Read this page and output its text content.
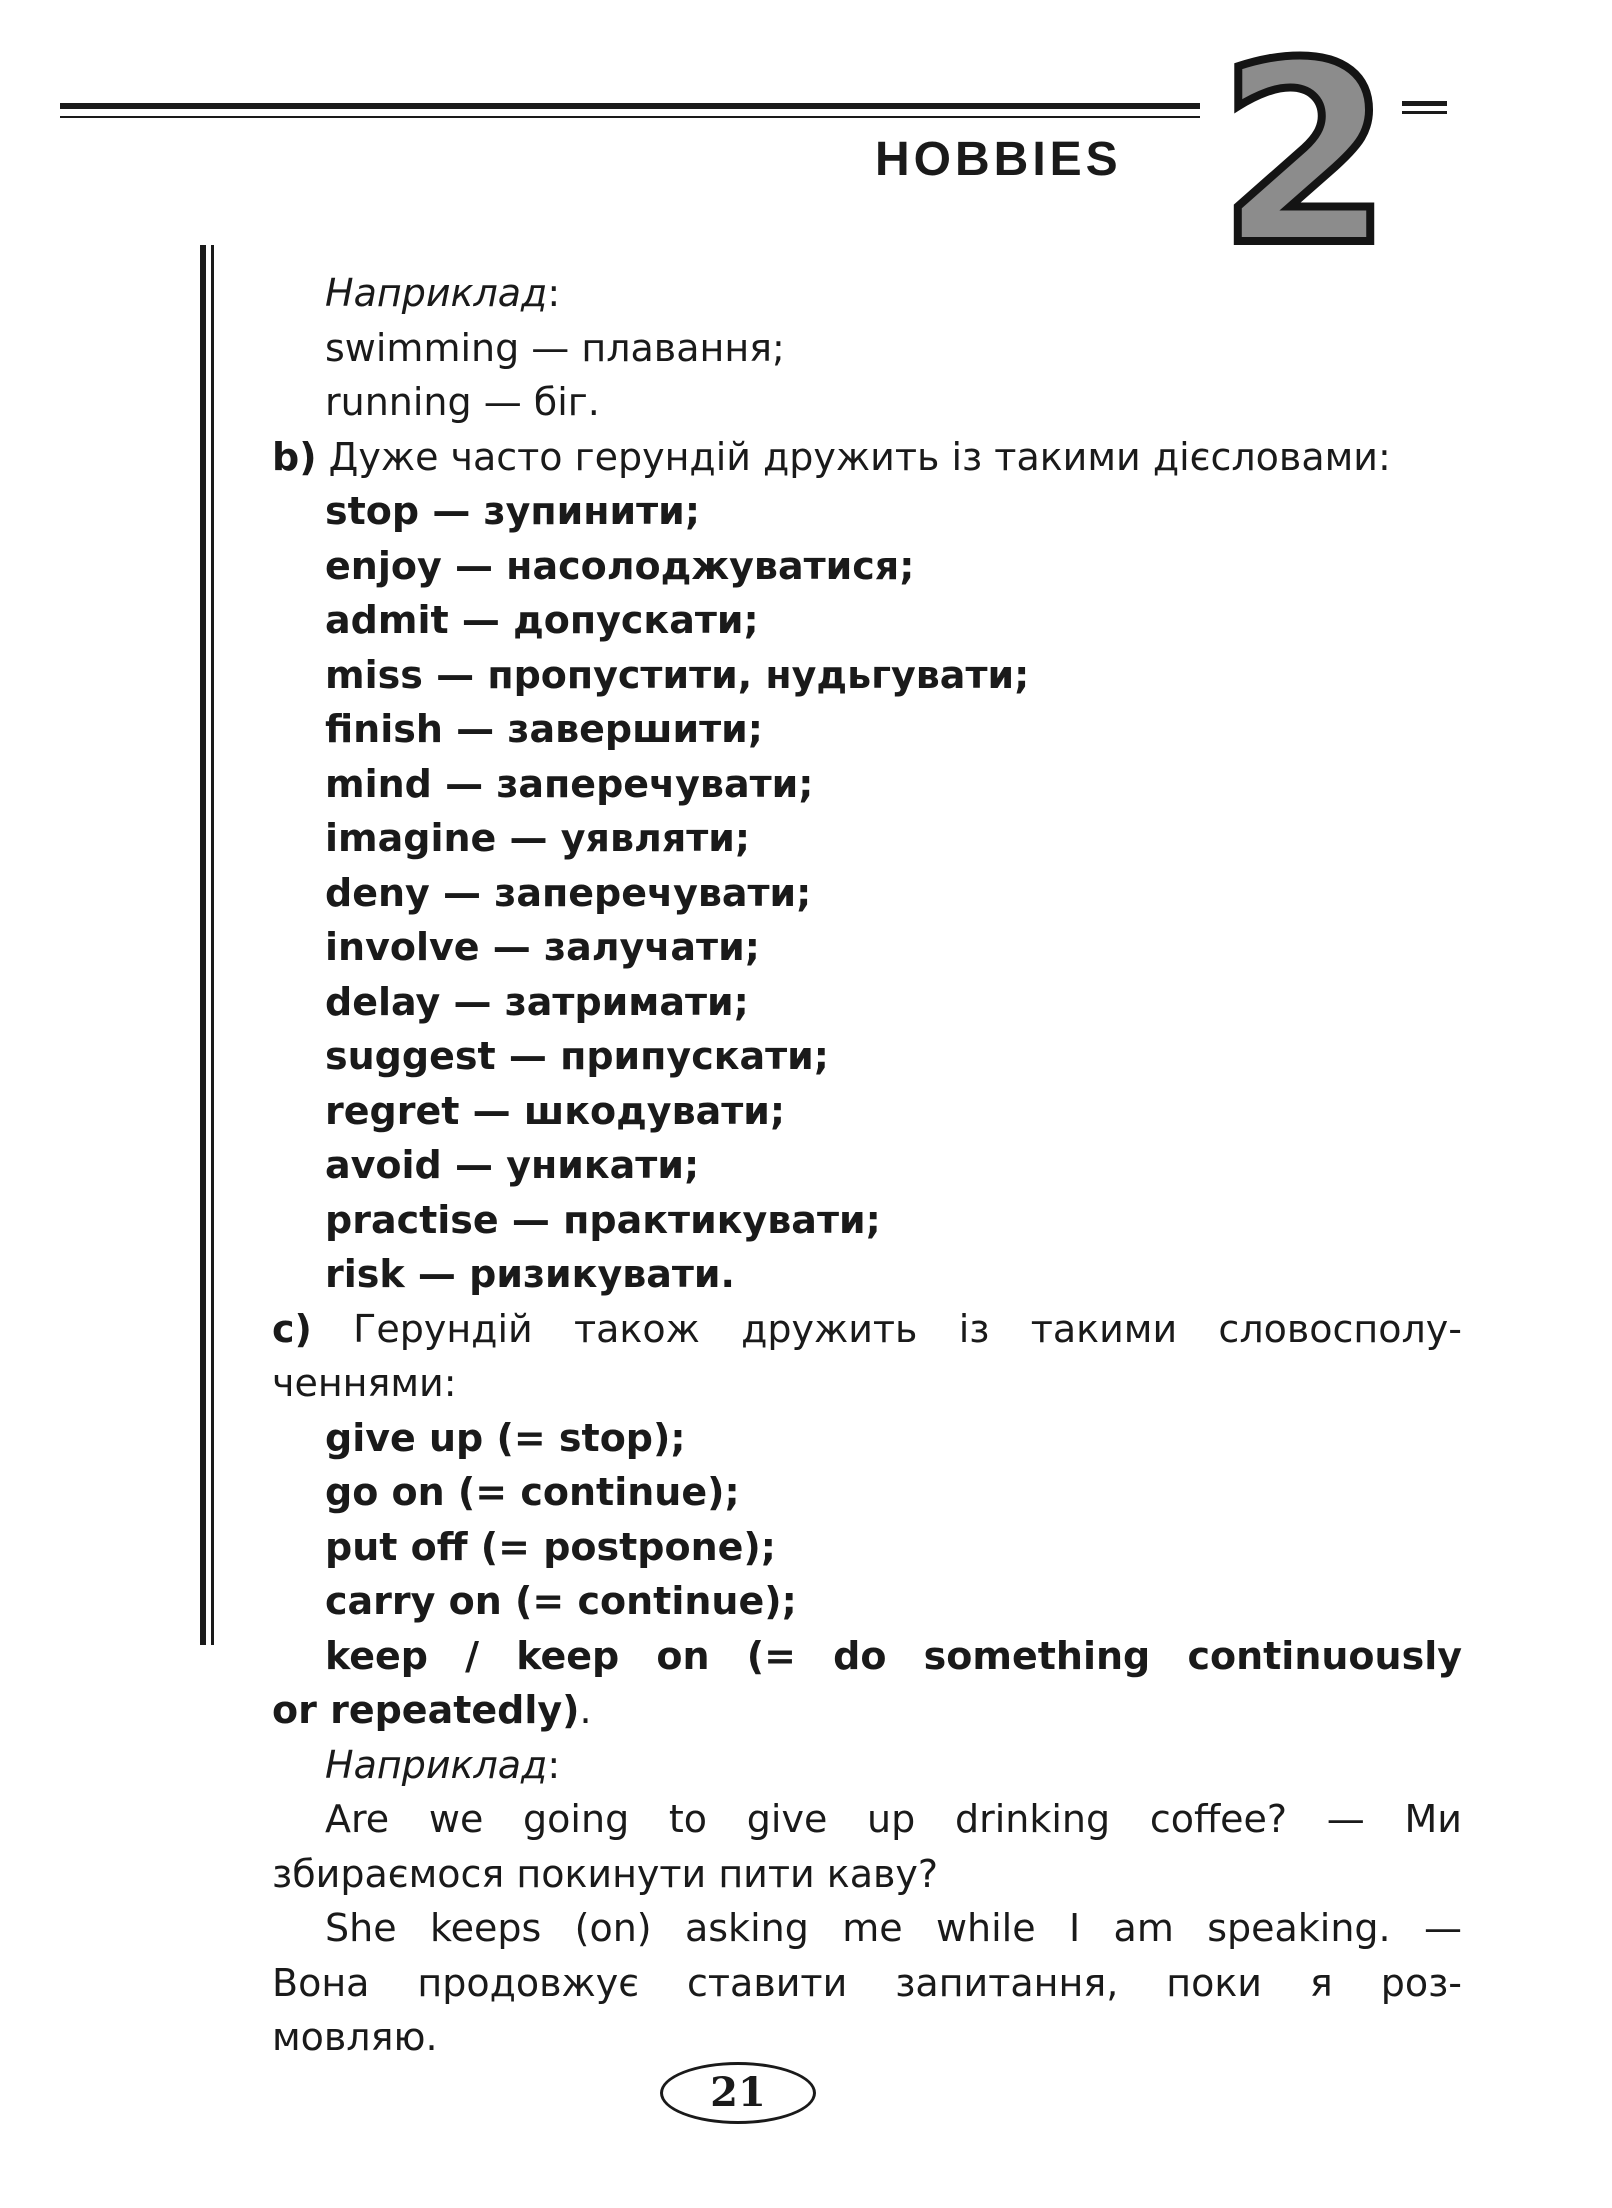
HOBBIES 2
Наприклад:
swimming — плавання;
running — біг.
b) Дуже часто герундій дружить із такими дієсловами:
stop — зупинити;
enjoy — насолоджуватися;
admit — допускати;
miss — пропустити, нудьгувати;
finish — завершити;
mind — заперечувати;
imagine — уявляти;
deny — заперечувати;
involve — залучати;
delay — затримати;
suggest — припускати;
regret — шкодувати;
avoid — уникати;
practise — практикувати;
risk — ризикувати.
c) Герундій також дружить із такими словосполу-
ченнями:
give up (= stop);
go on (= continue);
put off (= postpone);
carry on (= continue);
keep / keep on (= do something continuously
or repeatedly).
Наприклад:
Are we going to give up drinking coffee? — Ми
збираємося покинути пити каву?
She keeps (on) asking me while I am speaking. —
Вона продовжує ставити запитання, поки я роз-
мовляю.
21
